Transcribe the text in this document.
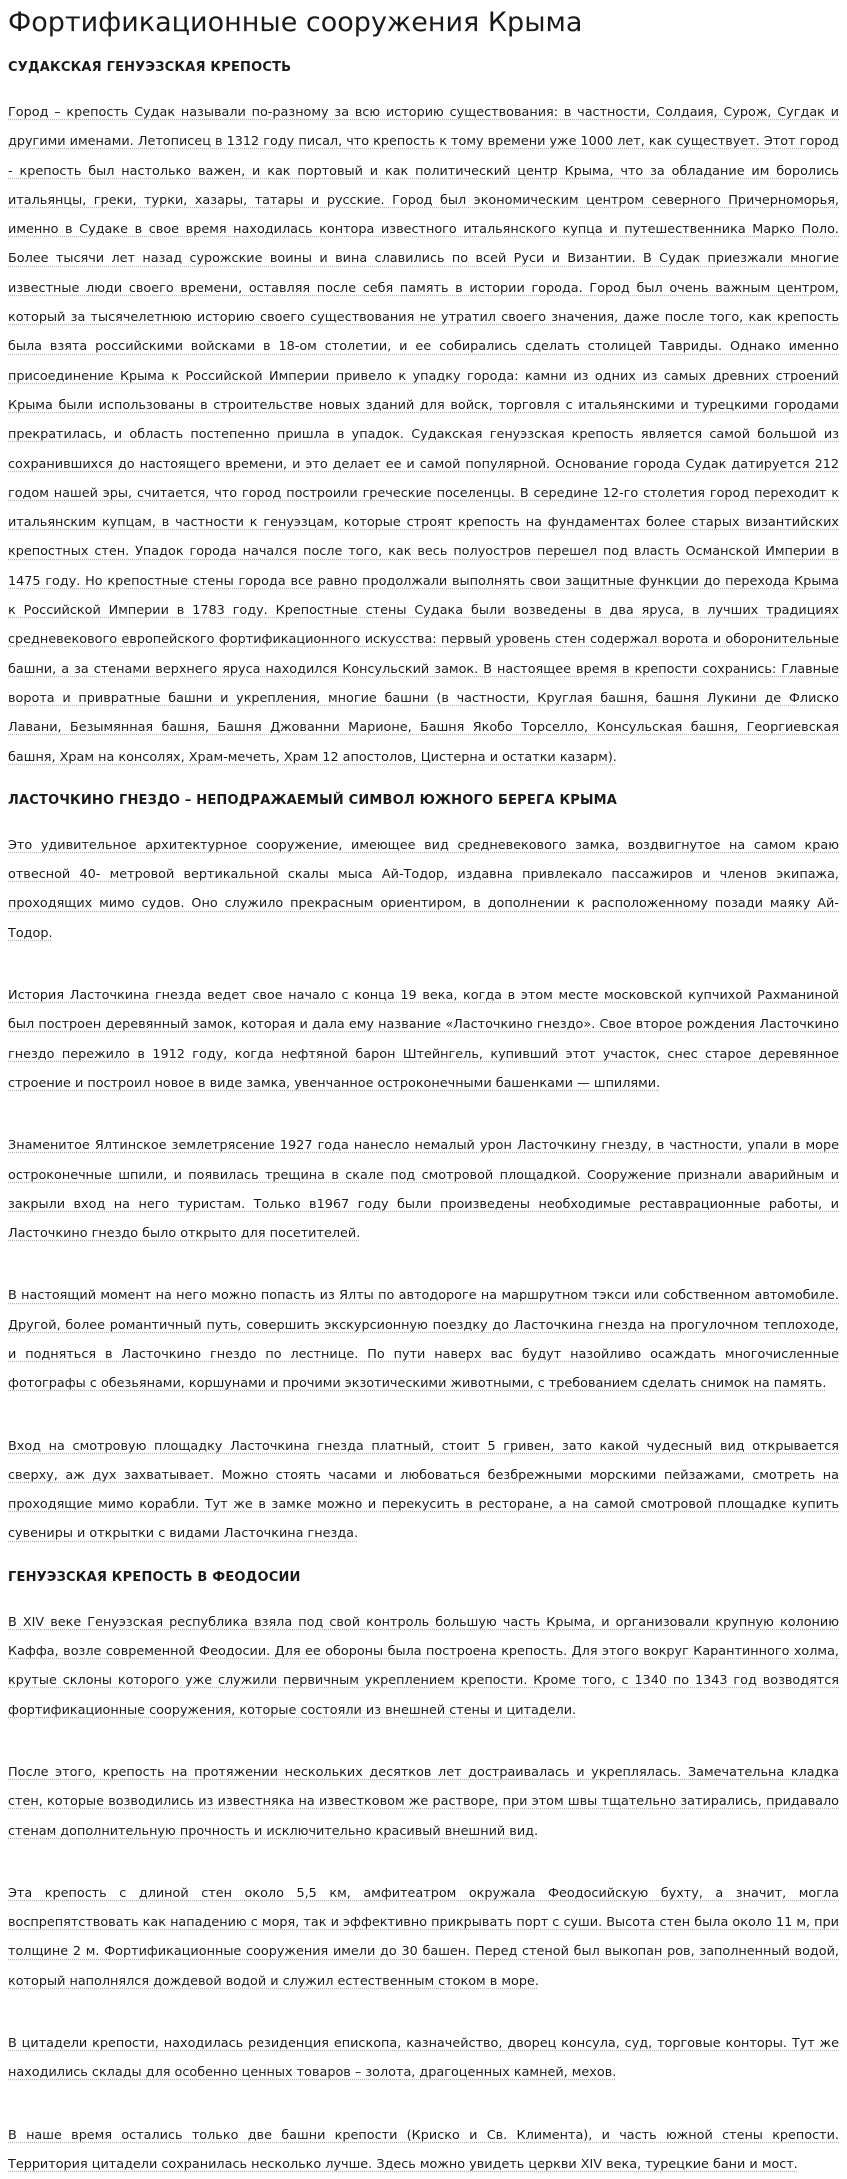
Фортификационные сооружения Крыма
СУДАКСКАЯ ГЕНУЭЗСКАЯ КРЕПОСТЬ

Город – крепость Судак называли по-разному за всю историю существования: в частности, Солдаия, Сурож, Сугдак и другими именами. Летописец в 1312 году писал, что крепость к тому времени уже 1000 лет, как существует. Этот город - крепость был настолько важен, и как портовый и как политический центр Крыма, что за обладание им боролись итальянцы, греки, турки, хазары, татары и русские. Город был экономическим центром северного Причерноморья, именно в Судаке в свое время находилась контора известного итальянского купца и путешественника Марко Поло. Более тысячи лет назад сурожские воины и вина славились по всей Руси и Византии. В Судак приезжали многие известные люди своего времени, оставляя после себя память в истории города. Город был очень важным центром, который за тысячелетнюю историю своего существования не утратил своего значения, даже после того, как крепость была взята российскими войсками в 18-ом столетии, и ее собирались сделать столицей Тавриды. Однако именно присоединение Крыма к Российской Империи привело к упадку города: камни из одних из самых древних строений Крыма были использованы в строительстве новых зданий для войск, торговля с итальянскими и турецкими городами прекратилась, и область постепенно пришла в упадок. Судакская генуэзская крепость является самой большой из сохранившихся до настоящего времени, и это делает ее и самой популярной. Основание города Судак датируется 212 годом нашей эры, считается, что город построили греческие поселенцы. В середине 12-го столетия город переходит к итальянским купцам, в частности к генуэзцам, которые строят крепость на фундаментах более старых византийских крепостных стен. Упадок города начался после того, как весь полуостров перешел под власть Османской Империи в 1475 году. Но крепостные стены города все равно продолжали выполнять свои защитные функции до перехода Крыма к Российской Империи в 1783 году. Крепостные стены Судака были возведены в два яруса, в лучших традициях средневекового европейского фортификационного искусства: первый уровень стен содержал ворота и оборонительные башни, а за стенами верхнего яруса находился Консульский замок. В настоящее время в крепости сохранись: Главные ворота и привратные башни и укрепления, многие башни (в частности, Круглая башня, башня Лукини де Флиско Лавани, Безымянная башня, Башня Джованни Марионе, Башня Якобо Торселло, Консульская башня, Георгиевская башня, Храм на консолях, Храм-мечеть, Храм 12 апостолов, Цистерна и остатки казарм).

ЛАСТОЧКИНО ГНЕЗДО – НЕПОДРАЖАЕМЫЙ СИМВОЛ ЮЖНОГО БЕРЕГА КРЫМА

Это удивительное архитектурное сооружение, имеющее вид средневекового замка, воздвигнутое на самом краю отвесной 40- метровой вертикальной скалы мыса Ай-Тодор, издавна привлекало пассажиров и членов экипажа, проходящих мимо судов. Оно служило прекрасным ориентиром, в дополнении к расположенному позади маяку Ай-Тодор.

История Ласточкина гнезда ведет свое начало с конца 19 века, когда в этом месте московской купчихой Рахманиной был построен деревянный замок, которая и дала ему название «Ласточкино гнездо». Свое второе рождения Ласточкино гнездо пережило в 1912 году, когда нефтяной барон Штейнгель, купивший этот участок, снес старое деревянное строение и построил новое в виде замка, увенчанное остроконечными башенками — шпилями.

Знаменитое Ялтинское землетрясение 1927 года нанесло немалый урон Ласточкину гнезду, в частности, упали в море остроконечные шпили, и появилась трещина в скале под смотровой площадкой. Сооружение признали аварийным и закрыли вход на него туристам. Только в1967 году были произведены необходимые реставрационные работы, и Ласточкино гнездо было открыто для посетителей.

В настоящий момент на него можно попасть из Ялты по автодороге на маршрутном тэкси или собственном автомобиле. Другой, более романтичный путь, совершить экскурсионную поездку до Ласточкина гнезда на прогулочном теплоходе, и подняться в Ласточкино гнездо по лестнице. По пути наверх вас будут назойливо осаждать многочисленные фотографы с обезьянами, коршунами и прочими экзотическими животными, с требованием сделать снимок на память.

Вход на смотровую площадку Ласточкина гнезда платный, стоит 5 гривен, зато какой чудесный вид открывается сверху, аж дух захватывает. Можно стоять часами и любоваться безбрежными морскими пейзажами, смотреть на проходящие мимо корабли. Тут же в замке можно и перекусить в ресторане, а на самой смотровой площадке купить сувениры и открытки с видами Ласточкина гнезда.

ГЕНУЭЗСКАЯ КРЕПОСТЬ В ФЕОДОСИИ

В XIV веке Генуэзская республика взяла под свой контроль большую часть Крыма, и организовали крупную колонию Каффа, возле современной Феодосии. Для ее обороны была построена крепость. Для этого вокруг Карантинного холма, крутые склоны которого уже служили первичным укреплением крепости. Кроме того, с 1340 по 1343 год возводятся фортификационные сооружения, которые состояли из внешней стены и цитадели.

После этого, крепость на протяжении нескольких десятков лет достраивалась и укреплялась. Замечательна кладка стен, которые возводились из известняка на известковом же растворе, при этом швы тщательно затирались, придавало стенам дополнительную прочность и исключительно красивый внешний вид.

Эта крепость с длиной стен около 5,5 км, амфитеатром окружала Феодосийскую бухту, а значит, могла воспрепятствовать как нападению с моря, так и эффективно прикрывать порт с суши. Высота стен была около 11 м, при толщине 2 м. Фортификационные сооружения имели до 30 башен. Перед стеной был выкопан ров, заполненный водой, который наполнялся дождевой водой и служил естественным стоком в море.

В цитадели крепости, находилась резиденция епископа, казначейство, дворец консула, суд, торговые конторы. Тут же находились склады для особенно ценных товаров – золота, драгоценных камней, мехов.

В наше время остались только две башни крепости (Криско и Св. Климента), и часть южной стены крепости. Территория цитадели сохранилась несколько лучше. Здесь можно увидеть церкви XIV века, турецкие бани и мост.
